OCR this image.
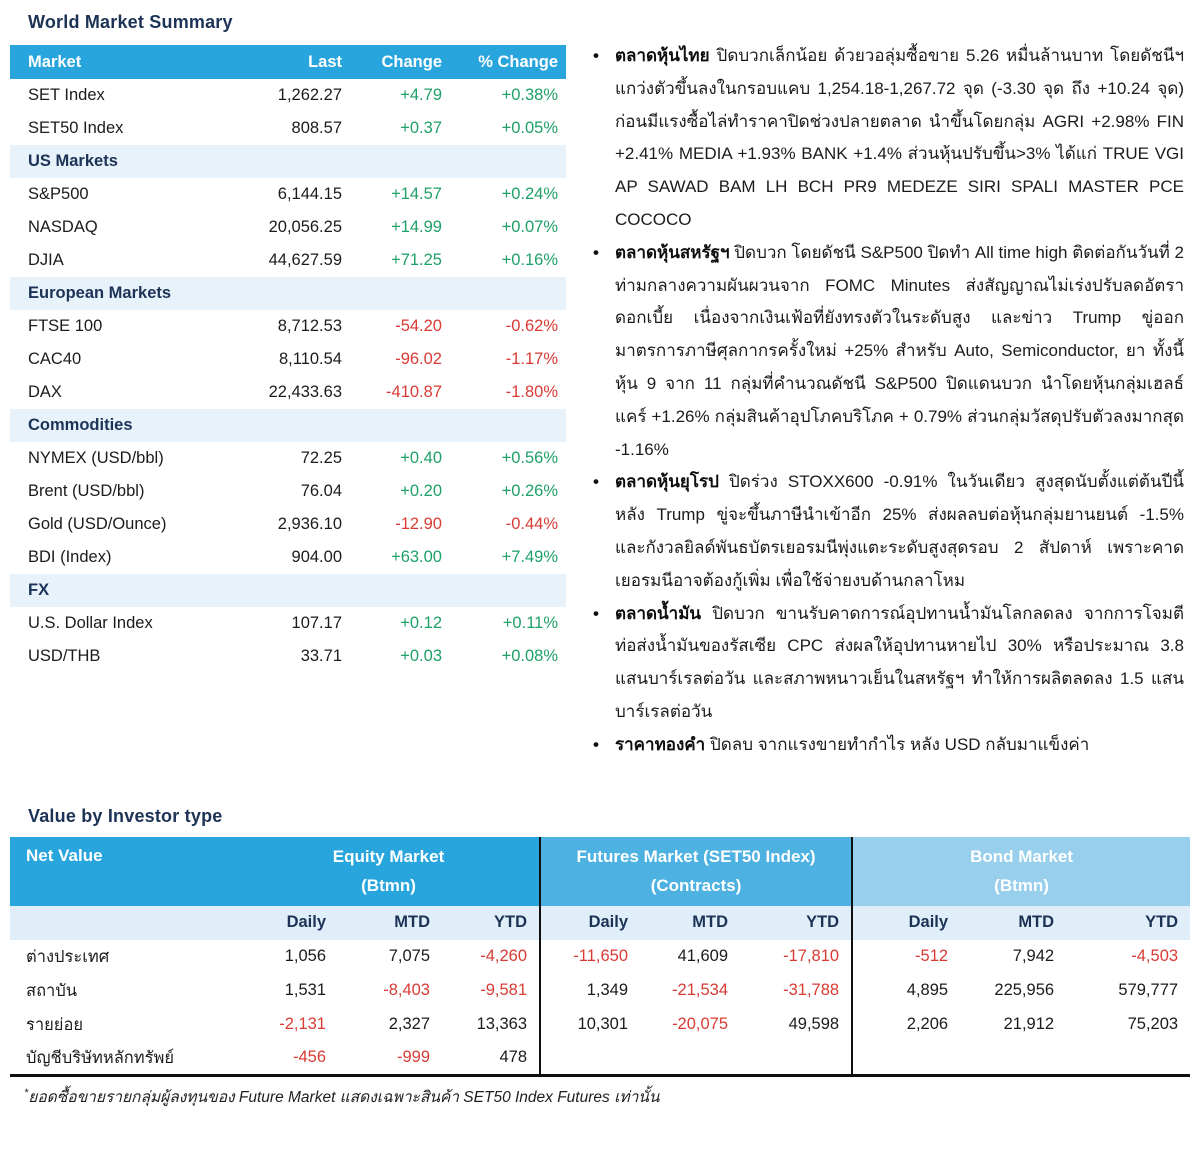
World Market Summary
Market	Last	Change	% Change
SET Index	1,262.27	+4.79	+0.38%
SET50 Index	808.57	+0.37	+0.05%
US Markets			
S&P500	6,144.15	+14.57	+0.24%
NASDAQ	20,056.25	+14.99	+0.07%
DJIA	44,627.59	+71.25	+0.16%
European Markets			
FTSE 100	8,712.53	-54.20	-0.62%
CAC40	8,110.54	-96.02	-1.17%
DAX	22,433.63	-410.87	-1.80%
Commodities			
NYMEX (USD/bbl)	72.25	+0.40	+0.56%
Brent (USD/bbl)	76.04	+0.20	+0.26%
Gold (USD/Ounce)	2,936.10	-12.90	-0.44%
BDI (Index)	904.00	+63.00	+7.49%
FX			
U.S. Dollar Index	107.17	+0.12	+0.11%
USD/THB	33.71	+0.03	+0.08%
• ตลาดหุ้นไทย ปิดบวกเล็กน้อย ด้วยวอลุ่มซื้อขาย 5.26 หมื่นล้านบาท โดยดัชนีฯ แกว่งตัวขึ้นลงในกรอบแคบ 1,254.18-1,267.72 จุด (-3.30 จุด ถึง +10.24 จุด) ก่อนมีแรงซื้อไล่ทำราคาปิดช่วงปลายตลาด นำขึ้นโดยกลุ่ม AGRI +2.98% FIN +2.41% MEDIA +1.93% BANK +1.4% ส่วนหุ้นปรับขึ้น>3% ได้แก่ TRUE VGI AP SAWAD BAM LH BCH PR9 MEDEZE SIRI SPALI MASTER PCE COCOCO
• ตลาดหุ้นสหรัฐฯ ปิดบวก โดยดัชนี S&P500 ปิดทำ All time high ติดต่อกันวันที่ 2 ท่ามกลางความผันผวนจาก FOMC Minutes ส่งสัญญาณไม่เร่งปรับลดอัตราดอกเบี้ย เนื่องจากเงินเฟ้อที่ยังทรงตัวในระดับสูง และข่าว Trump ขู่ออกมาตรการภาษีศุลกากรครั้งใหม่ +25% สำหรับ Auto, Semiconductor, ยา ทั้งนี้ หุ้น 9 จาก 11 กลุ่มที่คำนวณดัชนี S&P500 ปิดแดนบวก นำโดยหุ้นกลุ่มเฮลธ์แคร์ +1.26% กลุ่มสินค้าอุปโภคบริโภค + 0.79% ส่วนกลุ่มวัสดุปรับตัวลงมากสุด -1.16%
• ตลาดหุ้นยุโรป ปิดร่วง STOXX600 -0.91% ในวันเดียว สูงสุดนับตั้งแต่ต้นปีนี้ หลัง Trump ขู่จะขึ้นภาษีนำเข้าอีก 25% ส่งผลลบต่อหุ้นกลุ่มยานยนต์ -1.5% และกังวลยิลด์พันธบัตรเยอรมนีพุ่งแตะระดับสูงสุดรอบ 2 สัปดาห์ เพราะคาดเยอรมนีอาจต้องกู้เพิ่ม เพื่อใช้จ่ายงบด้านกลาโหม
• ตลาดน้ำมัน ปิดบวก ขานรับคาดการณ์อุปทานน้ำมันโลกลดลง จากการโจมตีท่อส่งน้ำมันของรัสเซีย CPC ส่งผลให้อุปทานหายไป 30% หรือประมาณ 3.8 แสนบาร์เรลต่อวัน และสภาพหนาวเย็นในสหรัฐฯ ทำให้การผลิตลดลง 1.5 แสนบาร์เรลต่อวัน
• ราคาทองคำ ปิดลบ จากแรงขายทำกำไร หลัง USD กลับมาแข็งค่า
Value by Investor type
Net Value	Equity Market
(Btmn)

Futures Market (SET50 Index)
(Contracts)

Bond Market
(Btmn)

	Daily	MTD	YTD	Daily	MTD	YTD	Daily	MTD	YTD
ต่างประเทศ	1,056	7,075	-4,260	-11,650	41,609	-17,810	-512	7,942	-4,503
สถาบัน	1,531	-8,403	-9,581	1,349	-21,534	-31,788	4,895	225,956	579,777
รายย่อย	-2,131	2,327	13,363	10,301	-20,075	49,598	2,206	21,912	75,203
บัญชีบริษัทหลักทรัพย์	-456	-999	478						
*ยอดซื้อขายรายกลุ่มผู้ลงทุนของ Future Market แสดงเฉพาะสินค้า SET50 Index Futures เท่านั้น
